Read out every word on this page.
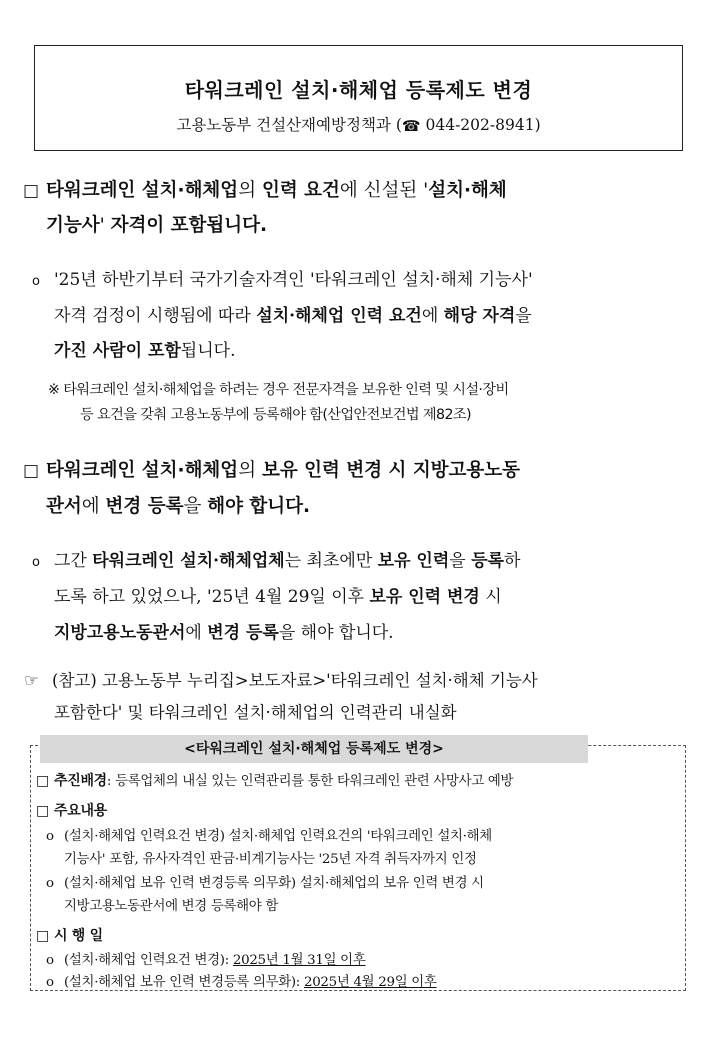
타워크레인 설치·해체업 등록제도 변경
고용노동부 건설산재예방정책과 (☎ 044-202-8941)
□ 타워크레인 설치·해체업의 인력 요건에 신설된 '설치·해체
기능사' 자격이 포함됩니다.
o '25년 하반기부터 국가기술자격인 '타워크레인 설치·해체 기능사'
자격 검정이 시행됨에 따라 설치·해체업 인력 요건에 해당 자격을
가진 사람이 포함됩니다.
※ 타워크레인 설치·해체업을 하려는 경우 전문자격을 보유한 인력 및 시설·장비
등 요건을 갖춰 고용노동부에 등록해야 함(산업안전보건법 제82조)
□ 타워크레인 설치·해체업의 보유 인력 변경 시 지방고용노동
관서에 변경 등록을 해야 합니다.
o 그간 타워크레인 설치·해체업체는 최초에만 보유 인력을 등록하
도록 하고 있었으나, '25년 4월 29일 이후 보유 인력 변경 시
지방고용노동관서에 변경 등록을 해야 합니다.
☞ (참고) 고용노동부 누리집>보도자료>'타워크레인 설치·해체 기능사
포함한다' 및 타워크레인 설치·해체업의 인력관리 내실화
<타워크레인 설치·해체업 등록제도 변경>
□ 추진배경: 등록업체의 내실 있는 인력관리를 통한 타워크레인 관련 사망사고 예방
□ 주요내용
o (설치·해체업 인력요건 변경) 설치·해체업 인력요건의 '타워크레인 설치·해체
기능사' 포함, 유사자격인 판금·비계기능사는 '25년 자격 취득자까지 인정
o (설치·해체업 보유 인력 변경등록 의무화) 설치·해체업의 보유 인력 변경 시
지방고용노동관서에 변경 등록해야 함
□ 시 행 일
o (설치·해체업 인력요건 변경): 2025년 1월 31일 이후
o (설치·해체업 보유 인력 변경등록 의무화): 2025년 4월 29일 이후
